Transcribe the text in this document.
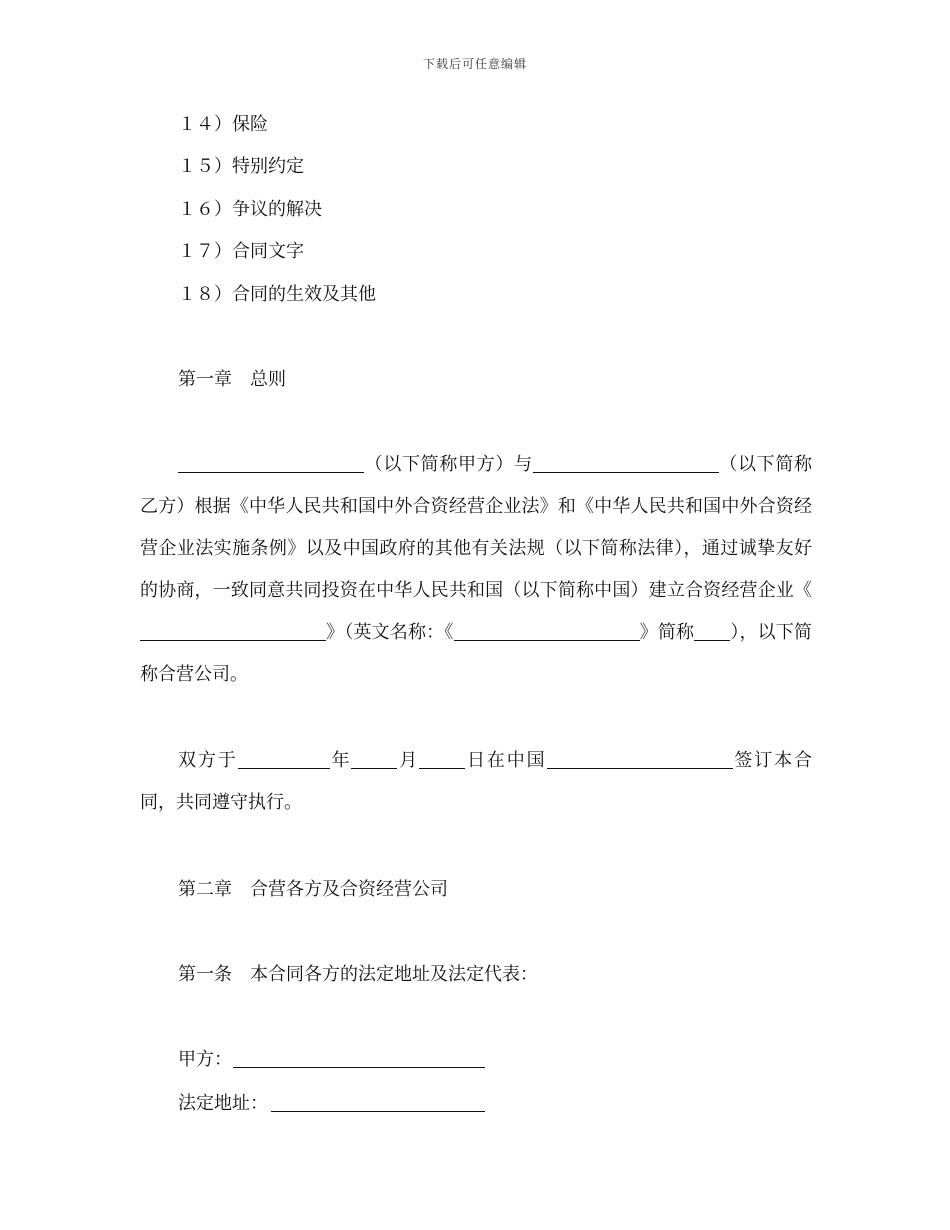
下载后可任意编辑
１４）保险
１５）特别约定
１６）争议的解决
１７）合同文字
１８）合同的生效及其他
第一章　总则
（以下简称甲方）与	（以下简称乙方）根据《中华人民共和国中外合资经营企业法》和《中华人民共和国中外合资经营企业法实施条例》以及中国政府的其他有关法规（以下简称法律），通过诚挚友好的协商，一致同意共同投资在中华人民共和国（以下简称中国）建立合资经营企业《》（英文名称：《	》简称 ），以下简称合营公司。
双方于	年	月	日在中国	签订本合同，共同遵守执行。
第二章　合营各方及合资经营公司
第一条　本合同各方的法定地址及法定代表：
甲方：
法定地址：
